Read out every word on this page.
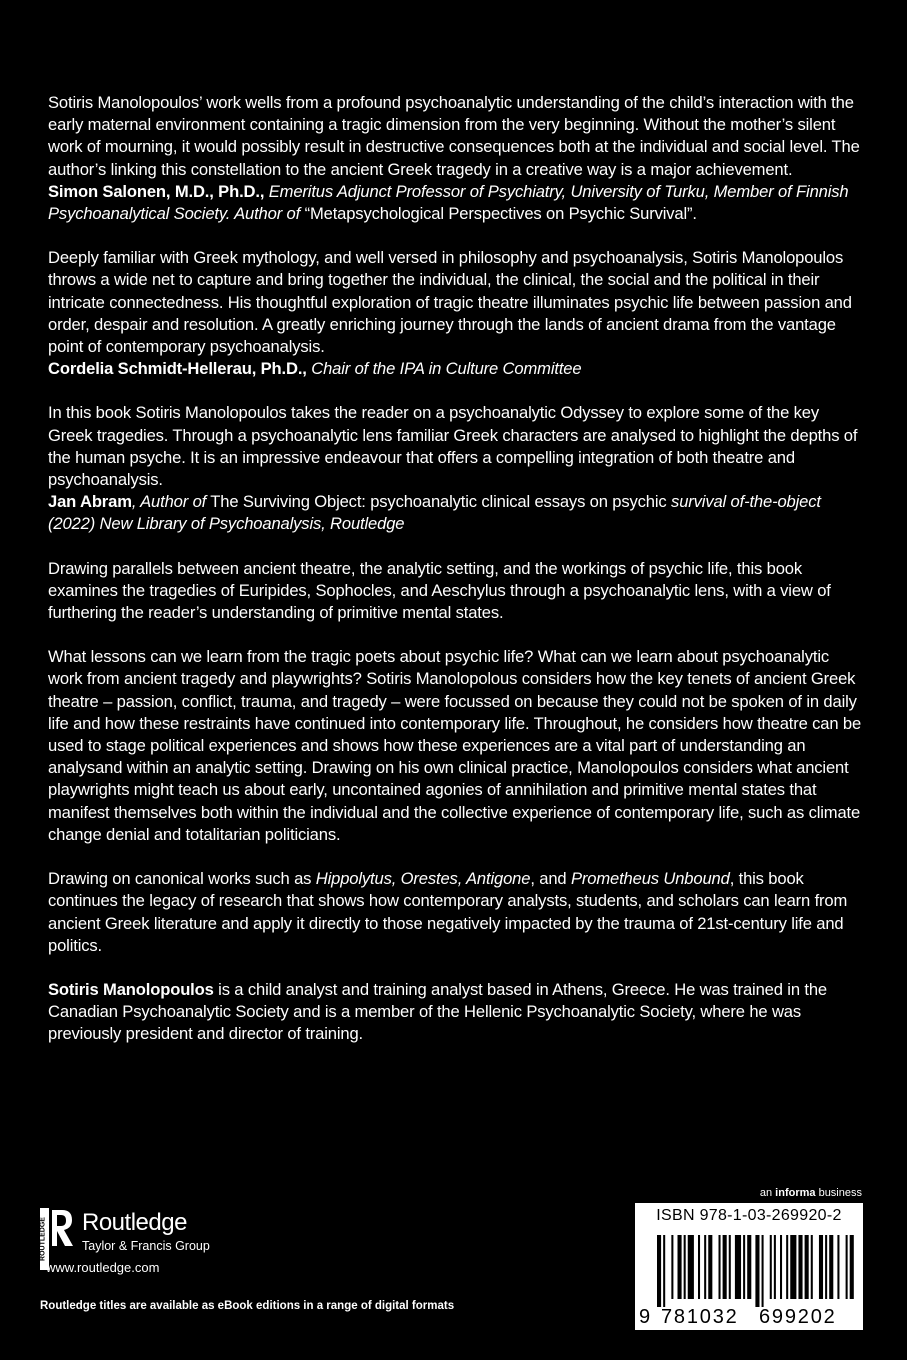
Sotiris Manolopoulos’ work wells from a profound psychoanalytic understanding of the child’s interaction with the early maternal environment containing a tragic dimension from the very beginning. Without the mother’s silent work of mourning, it would possibly result in destructive consequences both at the individual and social level. The author’s linking this constellation to the ancient Greek tragedy in a creative way is a major achievement.

Simon Salonen, M.D., Ph.D., Emeritus Adjunct Professor of Psychiatry, University of Turku, Member of Finnish Psychoanalytical Society. Author of “Metapsychological Perspectives on Psychic Survival”.

Deeply familiar with Greek mythology, and well versed in philosophy and psychoanalysis, Sotiris Manolopoulos throws a wide net to capture and bring together the individual, the clinical, the social and the political in their intricate connectedness. His thoughtful exploration of tragic theatre illuminates psychic life between passion and order, despair and resolution. A greatly enriching journey through the lands of ancient drama from the vantage point of contemporary psychoanalysis.

Cordelia Schmidt-Hellerau, Ph.D., Chair of the IPA in Culture Committee

In this book Sotiris Manolopoulos takes the reader on a psychoanalytic Odyssey to explore some of the key Greek tragedies. Through a psychoanalytic lens familiar Greek characters are analysed to highlight the depths of the human psyche. It is an impressive endeavour that offers a compelling integration of both theatre and psychoanalysis.

Jan Abram, Author of The Surviving Object: psychoanalytic clinical essays on psychic survival of-the-object (2022) New Library of Psychoanalysis, Routledge

Drawing parallels between ancient theatre, the analytic setting, and the workings of psychic life, this book examines the tragedies of Euripides, Sophocles, and Aeschylus through a psychoanalytic lens, with a view of furthering the reader’s understanding of primitive mental states.

What lessons can we learn from the tragic poets about psychic life? What can we learn about psychoanalytic work from ancient tragedy and playwrights? Sotiris Manolopolous considers how the key tenets of ancient Greek theatre – passion, conflict, trauma, and tragedy – were focussed on because they could not be spoken of in daily life and how these restraints have continued into contemporary life. Throughout, he considers how theatre can be used to stage political experiences and shows how these experiences are a vital part of understanding an analysand within an analytic setting. Drawing on his own clinical practice, Manolopoulos considers what ancient playwrights might teach us about early, uncontained agonies of annihilation and primitive mental states that manifest themselves both within the individual and the collective experience of contemporary life, such as climate change denial and totalitarian politicians.

Drawing on canonical works such as Hippolytus, Orestes, Antigone, and Prometheus Unbound, this book continues the legacy of research that shows how contemporary analysts, students, and scholars can learn from ancient Greek literature and apply it directly to those negatively impacted by the trauma of 21st-century life and politics.

Sotiris Manolopoulos is a child analyst and training analyst based in Athens, Greece. He was trained in the Canadian Psychoanalytic Society and is a member of the Hellenic Psychoanalytic Society, where he was previously president and director of training.

ROUTLEDGE Routledge
Taylor & Francis Group
www.routledge.com
Routledge titles are available as eBook editions in a range of digital formats
an informa business
ISBN 978-1-03-269920-2
9 781032 699202
